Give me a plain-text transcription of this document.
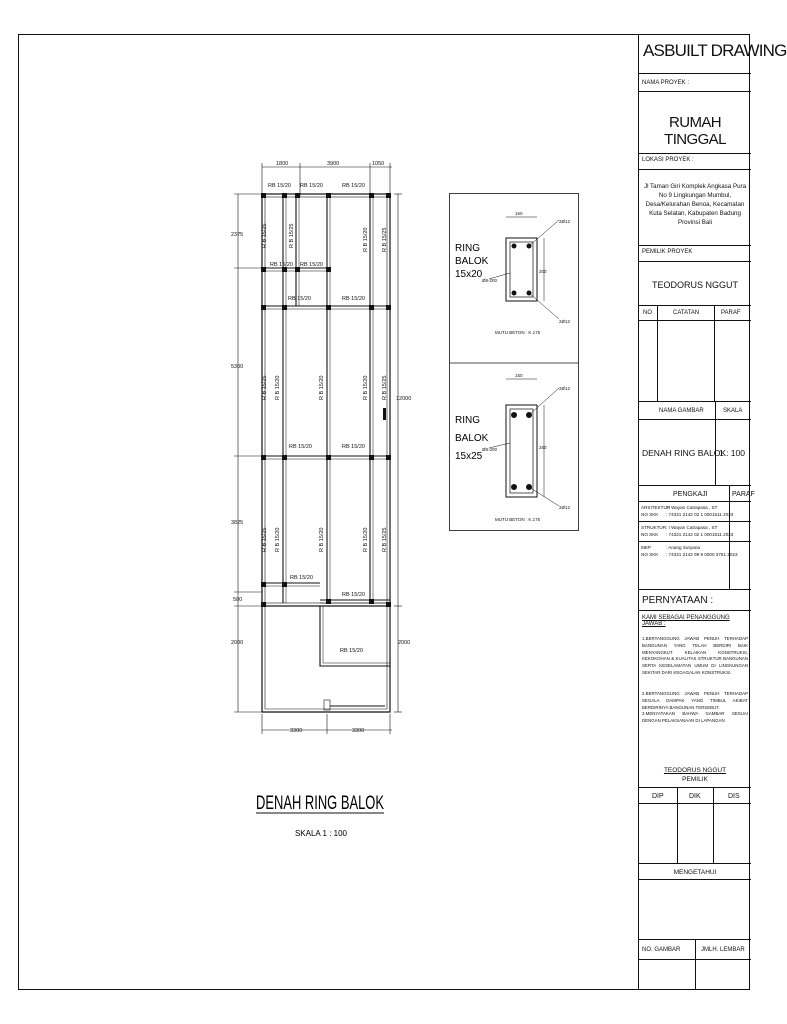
1800	3900	1050
2375
5300
3825
500
2000
12000
2000
3300	3300
RB 15/20 RB 15/20	RB 15/20
RB 15/20 RB 15/20
RB 15/20	RB 15/20
RB 15/20	RB 15/20
RB 15/20
RB 15/20
RB 15/20
R B 15/25	R B 15/25	R B 15/20 R B 15/25
R B 15/25 R B 15/20	R B 15/20	R B 15/20 R B 15/25
R B 15/25 R B 15/20	R B 15/20	R B 15/20 R B 15/25
DENAH RING BALOK
SKALA 1 : 100
RING
BALOK
15x20
150
200
2Ø12
2Ø12
Ø8-200
MUTU BETON : K.175
RING
BALOK
15x25
150
250
2Ø12
2Ø12
Ø8-200
MUTU BETON : K.175
ASBUILT DRAWING
NAMA PROYEK :
RUMAH TINGGAL
LOKASI PROYEK :
Jl Taman Giri Komplek Angkasa Pura No 9 Lingkungan Mumbul, Desa/Kelurahan Benoa, Kecamatan Kuta Selatan, Kabupaten Badung Provinsi Bali
PEMILIK PROYEK
TEODORUS NGGUT
NO	CATATAN	PARAF
NAMA GAMBAR	SKALA
DENAH RING BALOK
1 : 100
PENGKAJI	PARAF
ARSITEKTUR
: I Wayan Catrapasa , ST
NO SKK : 74321 2142 02 1 0001511 2023
STRUKTUR : I Wayan Catrapasa , ST
NO SKK : 74321 2142 02 1 0001511 2023
MEP	: Anang Suryana
NO SKK : 74321 2142 99 9 0000 3761 2023
PERNYATAAN :
KAMI SEBAGAI PENANGGUNG JAWAB :
1.BERTANGGUNG JAWAB PENUH TERHADAP BANGUNAN YANG TELAH BERDIRI BAIK MENYANGKUT KELAIKAN KONSTRUKSI, KEKOKOHAN & KUALITAS STRUKTUR BANGUNAN SERTA KESELAMATAN UMUM DI LINGKUNGAN SEKITAR DARI KEGAGALAN KONSTRUKSI.
2.BERTANGGUNG JAWAB PENUH TERHADAP SEGALA DAMPAK YANG TIMBUL AKIBAT BERDIRINYA BANGUNAN TERSEBUT.
3.MENYATAKAN BAHWA GAMBAR SESUAI DENGAN PELAKSANAAN DI LAPANGAN
TEODORUS NGGUT
PEMILIK
DIP	DIK	DIS
MENGETAHUI
NO. GAMBAR	JMLH. LEMBAR
